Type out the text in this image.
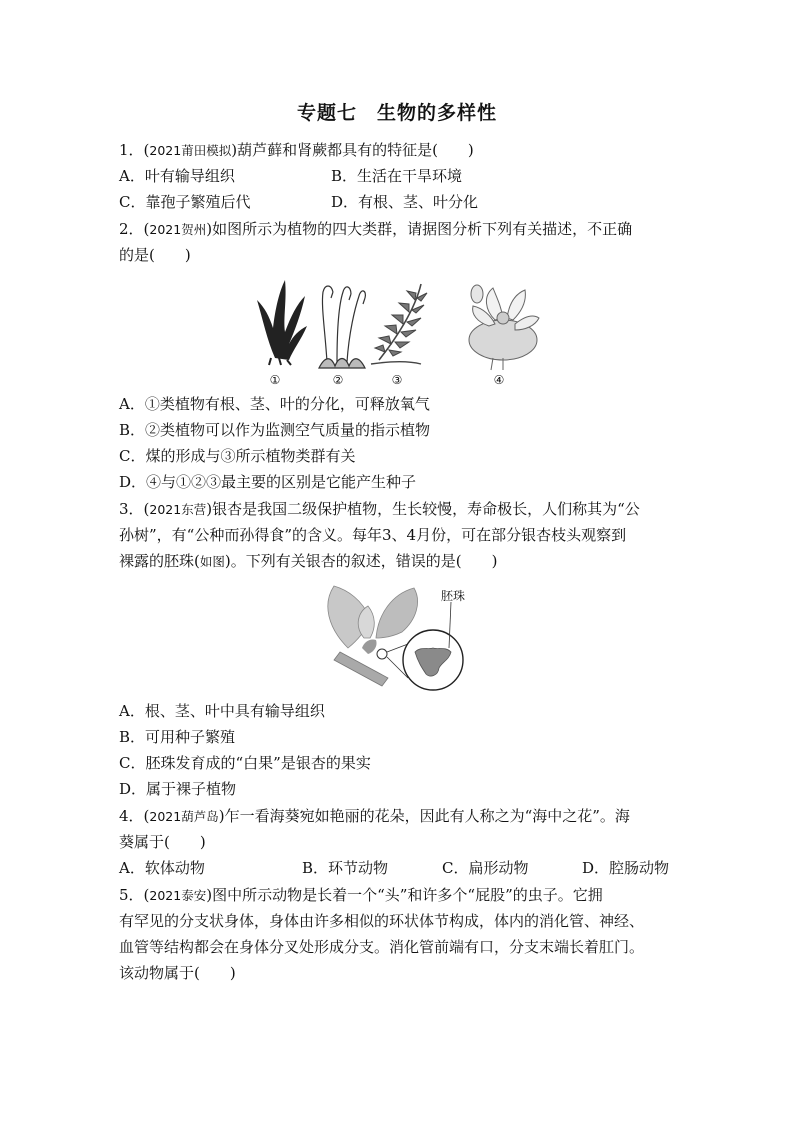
专题七　生物的多样性
1．(2021莆田模拟)葫芦藓和肾蕨都具有的特征是(　　)
A．叶有输导组织	B．生活在干旱环境
C．靠孢子繁殖后代	D．有根、茎、叶分化
2．(2021贺州)如图所示为植物的四大类群，请据图分析下列有关描述，不正确
的是(　　)
①	②	③	④
A．①类植物有根、茎、叶的分化，可释放氧气
B．②类植物可以作为监测空气质量的指示植物
C．煤的形成与③所示植物类群有关
D．④与①②③最主要的区别是它能产生种子
3．(2021东营)银杏是我国二级保护植物，生长较慢，寿命极长，人们称其为“公
孙树”，有“公种而孙得食”的含义。每年3、4月份，可在部分银杏枝头观察到
裸露的胚珠(如图)。下列有关银杏的叙述，错误的是(　　)
胚珠
A．根、茎、叶中具有输导组织
B．可用种子繁殖
C．胚珠发育成的“白果”是银杏的果实
D．属于裸子植物
4．(2021葫芦岛)乍一看海葵宛如艳丽的花朵，因此有人称之为“海中之花”。海
葵属于(　　)
A．软体动物	B．环节动物	C．扁形动物	D．腔肠动物
5．(2021泰安)图中所示动物是长着一个“头”和许多个“屁股”的虫子。它拥
有罕见的分支状身体，身体由许多相似的环状体节构成，体内的消化管、神经、
血管等结构都会在身体分叉处形成分支。消化管前端有口，分支末端长着肛门。
该动物属于(　　)
